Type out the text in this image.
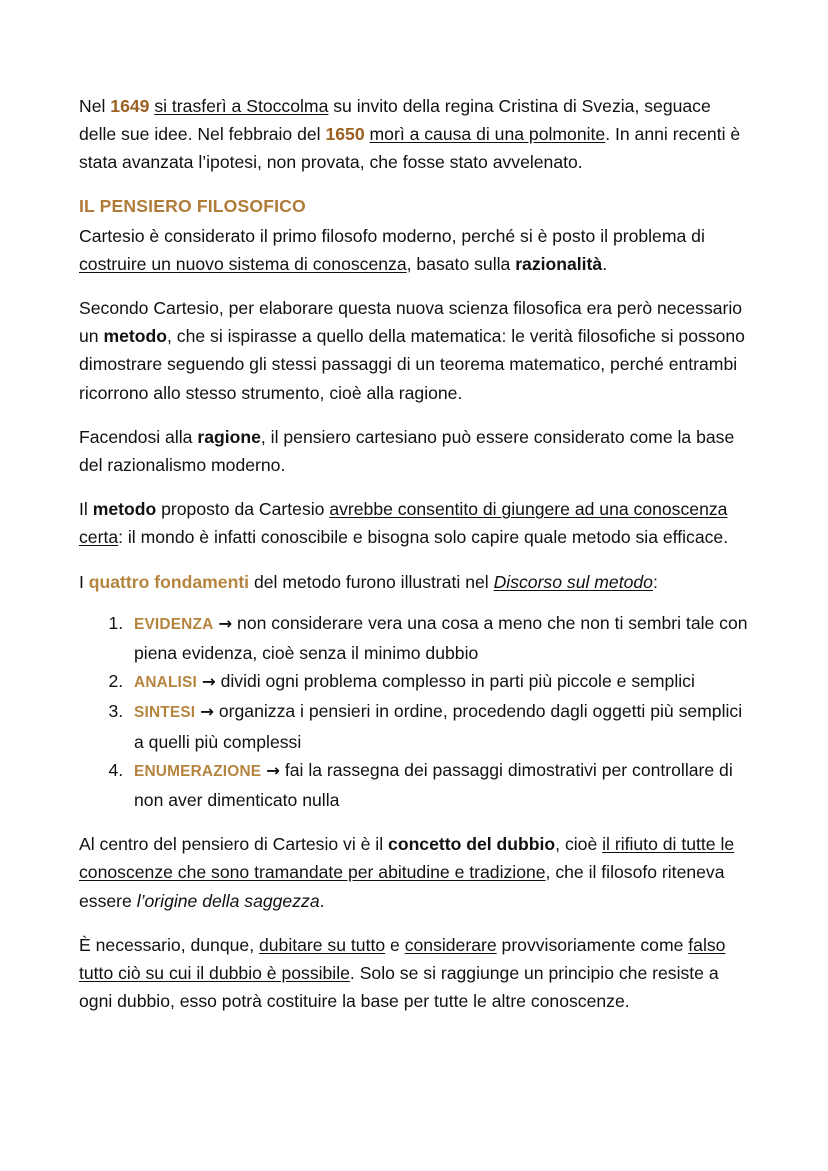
Nel 1649 si trasferì a Stoccolma su invito della regina Cristina di Svezia, seguace delle sue idee. Nel febbraio del 1650 morì a causa di una polmonite. In anni recenti è stata avanzata l’ipotesi, non provata, che fosse stato avvelenato.

IL PENSIERO FILOSOFICO

Cartesio è considerato il primo filosofo moderno, perché si è posto il problema di costruire un nuovo sistema di conoscenza, basato sulla razionalità.

Secondo Cartesio, per elaborare questa nuova scienza filosofica era però necessario un metodo, che si ispirasse a quello della matematica: le verità filosofiche si possono dimostrare seguendo gli stessi passaggi di un teorema matematico, perché entrambi ricorrono allo stesso strumento, cioè alla ragione.

Facendosi alla ragione, il pensiero cartesiano può essere considerato come la base del razionalismo moderno.

Il metodo proposto da Cartesio avrebbe consentito di giungere ad una conoscenza certa: il mondo è infatti conoscibile e bisogna solo capire quale metodo sia efficace.

I quattro fondamenti del metodo furono illustrati nel Discorso sul metodo:

1. EVIDENZA → non considerare vera una cosa a meno che non ti sembri tale con piena evidenza, cioè senza il minimo dubbio
2. ANALISI → dividi ogni problema complesso in parti più piccole e semplici
3. SINTESI → organizza i pensieri in ordine, procedendo dagli oggetti più semplici a quelli più complessi
4. ENUMERAZIONE → fai la rassegna dei passaggi dimostrativi per controllare di non aver dimenticato nulla

Al centro del pensiero di Cartesio vi è il concetto del dubbio, cioè il rifiuto di tutte le conoscenze che sono tramandate per abitudine e tradizione, che il filosofo riteneva essere l’origine della saggezza.

È necessario, dunque, dubitare su tutto e considerare provvisoriamente come falso tutto ciò su cui il dubbio è possibile. Solo se si raggiunge un principio che resiste a ogni dubbio, esso potrà costituire la base per tutte le altre conoscenze.
